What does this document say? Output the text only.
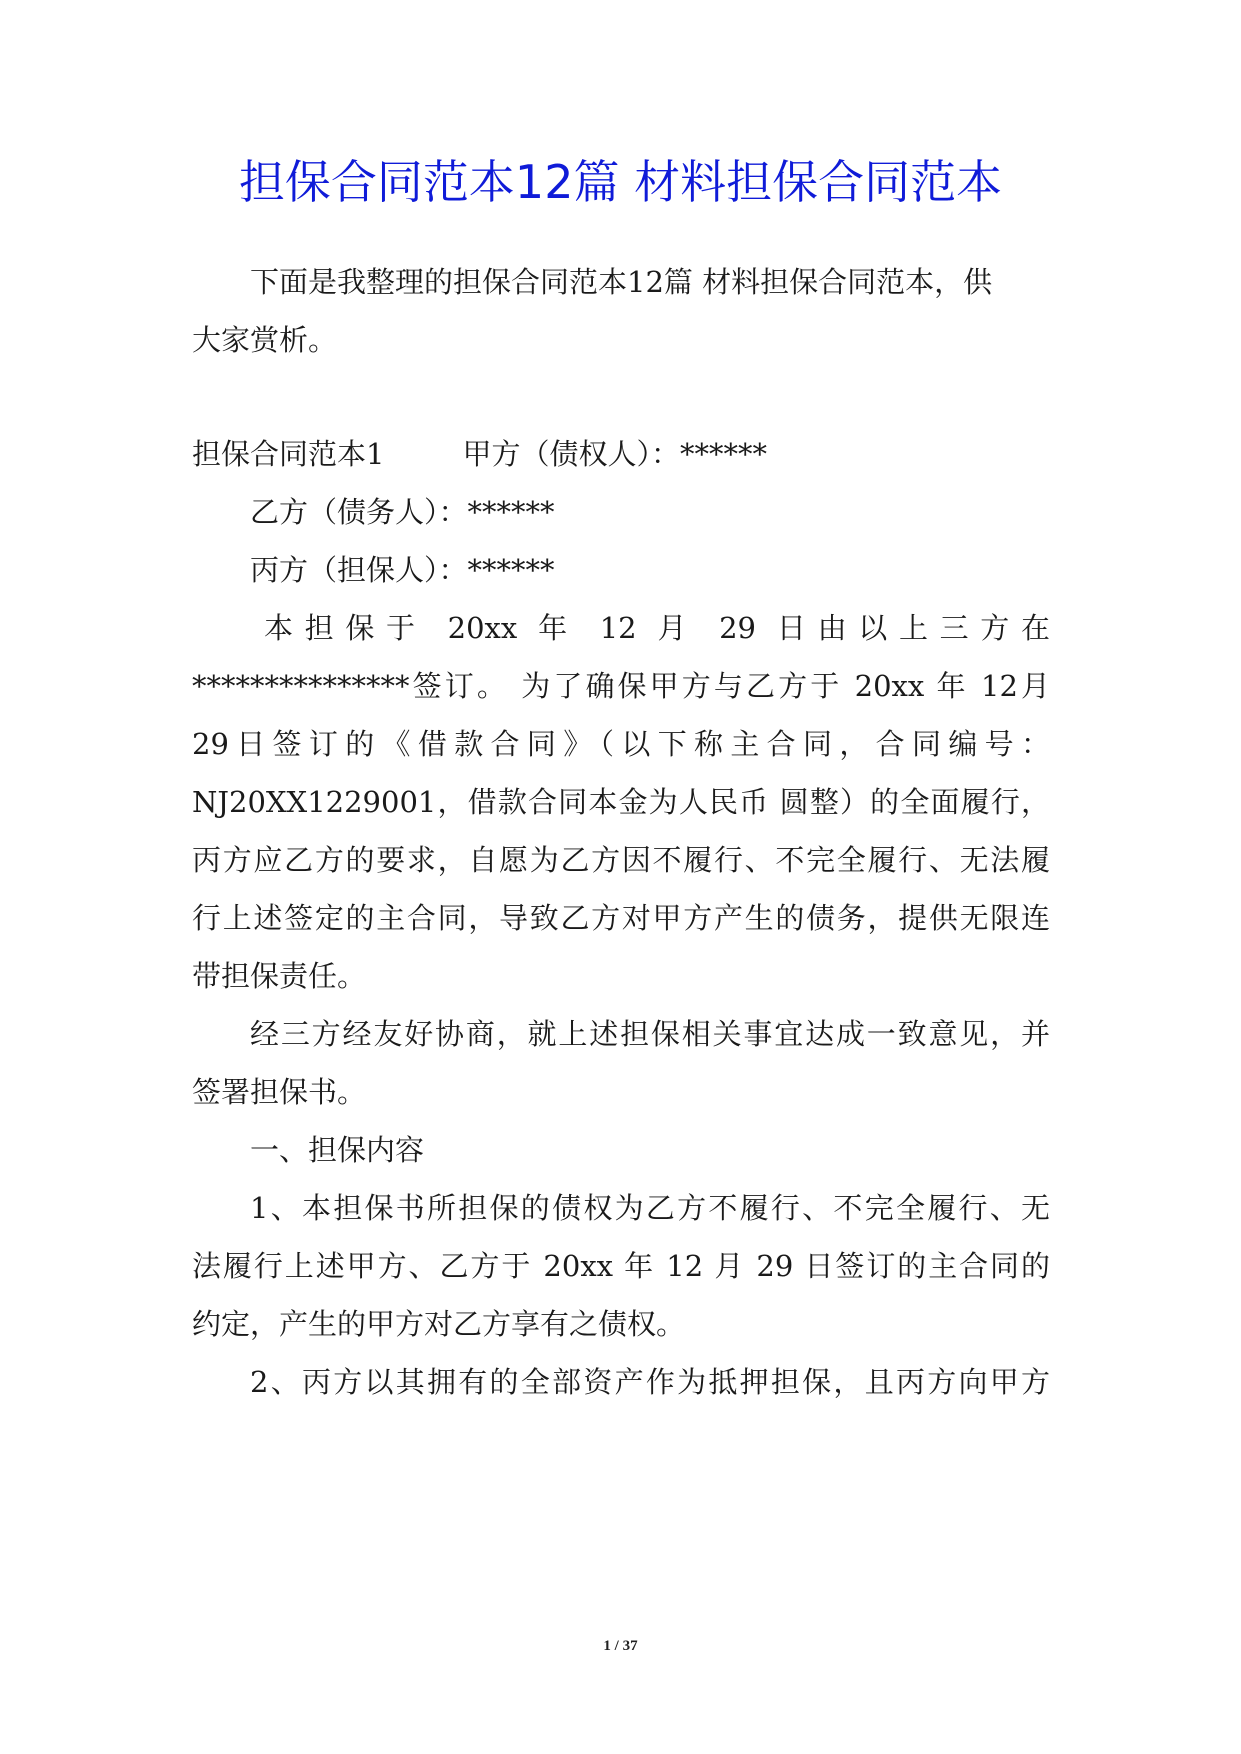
担保合同范本12篇 材料担保合同范本
下面是我整理的担保合同范本12篇 材料担保合同范本，供
大家赏析。
担保合同范本1	甲方（债权人）：******
乙方（债务人）：******
丙方（担保人）：******
本担保于 20xx 年 12 月 29 日由以上三方在
***************签订。 为了确保甲方与乙方于 20xx 年 12月
29日签订的《借款合同》（以下称主合同，合同编号：
NJ20XX1229001，借款合同本金为人民币 圆整）的全面履行，
丙方应乙方的要求，自愿为乙方因不履行、不完全履行、无法履
行上述签定的主合同，导致乙方对甲方产生的债务，提供无限连
带担保责任。
经三方经友好协商，就上述担保相关事宜达成一致意见，并
签署担保书。
一、担保内容
1、本担保书所担保的债权为乙方不履行、不完全履行、无
法履行上述甲方、乙方于 20xx 年 12 月 29 日签订的主合同的
约定，产生的甲方对乙方享有之债权。
2、丙方以其拥有的全部资产作为抵押担保，且丙方向甲方
1 / 37
